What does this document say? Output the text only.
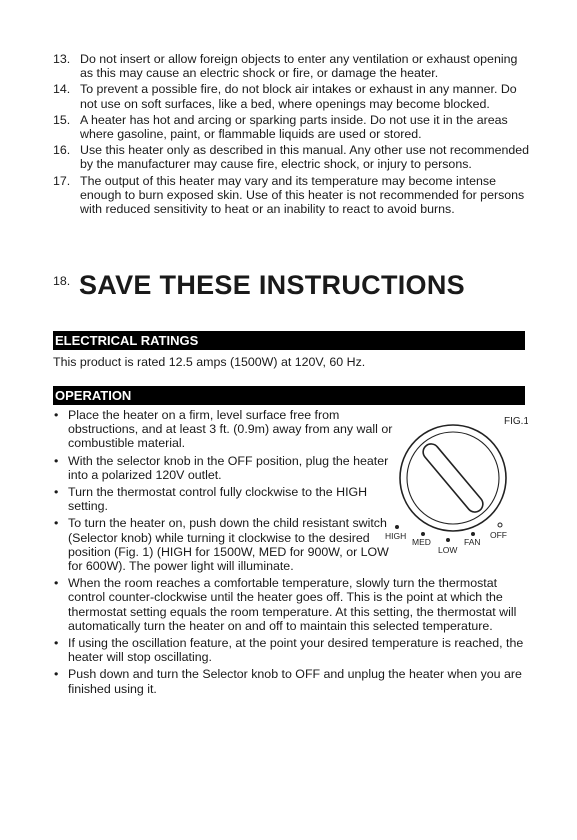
13. Do not insert or allow foreign objects to enter any ventilation or exhaust opening as this may cause an electric shock or fire, or damage the heater.
14. To prevent a possible fire, do not block air intakes or exhaust in any manner. Do not use on soft surfaces, like a bed, where openings may become blocked.
15. A heater has hot and arcing or sparking parts inside. Do not use it in the areas where gasoline, paint, or flammable liquids are used or stored.
16. Use this heater only as described in this manual. Any other use not recommended by the manufacturer may cause fire, electric shock, or injury to persons.
17. The output of this heater may vary and its temperature may become intense enough to burn exposed skin. Use of this heater is not recommended for persons with reduced sensitivity to heat or an inability to react to avoid burns.
18. SAVE THESE INSTRUCTIONS
ELECTRICAL RATINGS
This product is rated 12.5 amps (1500W) at 120V, 60 Hz.
OPERATION
• Place the heater on a firm, level surface free from obstructions, and at least 3 ft. (0.9m) away from any wall or combustible material.
• With the selector knob in the OFF position, plug the heater into a polarized 120V outlet.
• Turn the thermostat control fully clockwise to the HIGH setting.
• To turn the heater on, push down the child resistant switch (Selector knob) while turning it clockwise to the desired position (Fig. 1) (HIGH for 1500W, MED for 900W, or LOW for 600W). The power light will illuminate.
• When the room reaches a comfortable temperature, slowly turn the thermostat control counter-clockwise until the heater goes off. This is the point at which the thermostat setting equals the room temperature. At this setting, the thermostat will automatically turn the heater on and off to maintain this selected temperature.
• If using the oscillation feature, at the point your desired temperature is reached, the heater will stop oscillating.
• Push down and turn the Selector knob to OFF and unplug the heater when you are finished using it.
FIG.1
HIGH
MED
LOW
FAN
OFF
